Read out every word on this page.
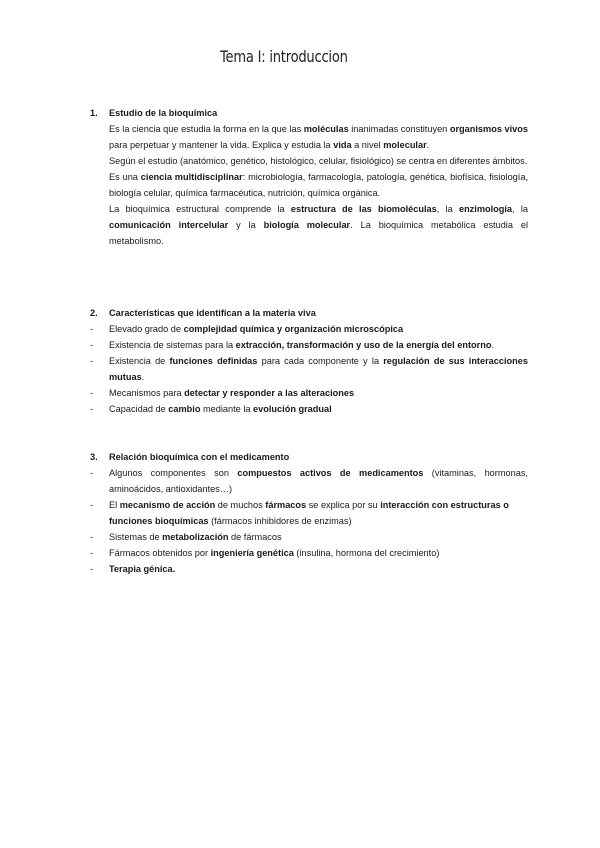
Tema I: introduccion
1.	Estudio de la bioquímica
Es la ciencia que estudia la forma en la que las moléculas inanimadas constituyen organismos vivos para perpetuar y mantener la vida. Explica y estudia la vida a nivel molecular.
Según el estudio (anatómico, genético, histológico, celular, fisiológico) se centra en diferentes ámbitos.
Es una ciencia multidisciplinar: microbiología, farmacología, patología, genética, biofísica, fisiología, biología celular, química farmacéutica, nutrición, química orgánica.
La bioquímica estructural comprende la estructura de las biomoléculas, la enzimología, la comunicación intercelular y la biología molecular. La bioquímica metabólica estudia el metabolismo.
2.	Características que identifican a la materia viva
-	Elevado grado de complejidad química y organización microscópica
-	Existencia de sistemas para la extracción, transformación y uso de la energía del entorno.
-	Existencia de funciones definidas para cada componente y la regulación de sus interacciones mutuas.
-	Mecanismos para detectar y responder a las alteraciones
-	Capacidad de cambio mediante la evolución gradual
3.	Relación bioquímica con el medicamento
-	Algunos componentes son compuestos activos de medicamentos (vitaminas, hormonas, aminoácidos, antioxidantes…)
-	El mecanismo de acción de muchos fármacos se explica por su interacción con estructuras o funciones bioquímicas (fármacos inhibidores de enzimas)
-	Sistemas de metabolización de fármacos
-	Fármacos obtenidos por ingeniería genética (insulina, hormona del crecimiento)
-	Terapia génica.
